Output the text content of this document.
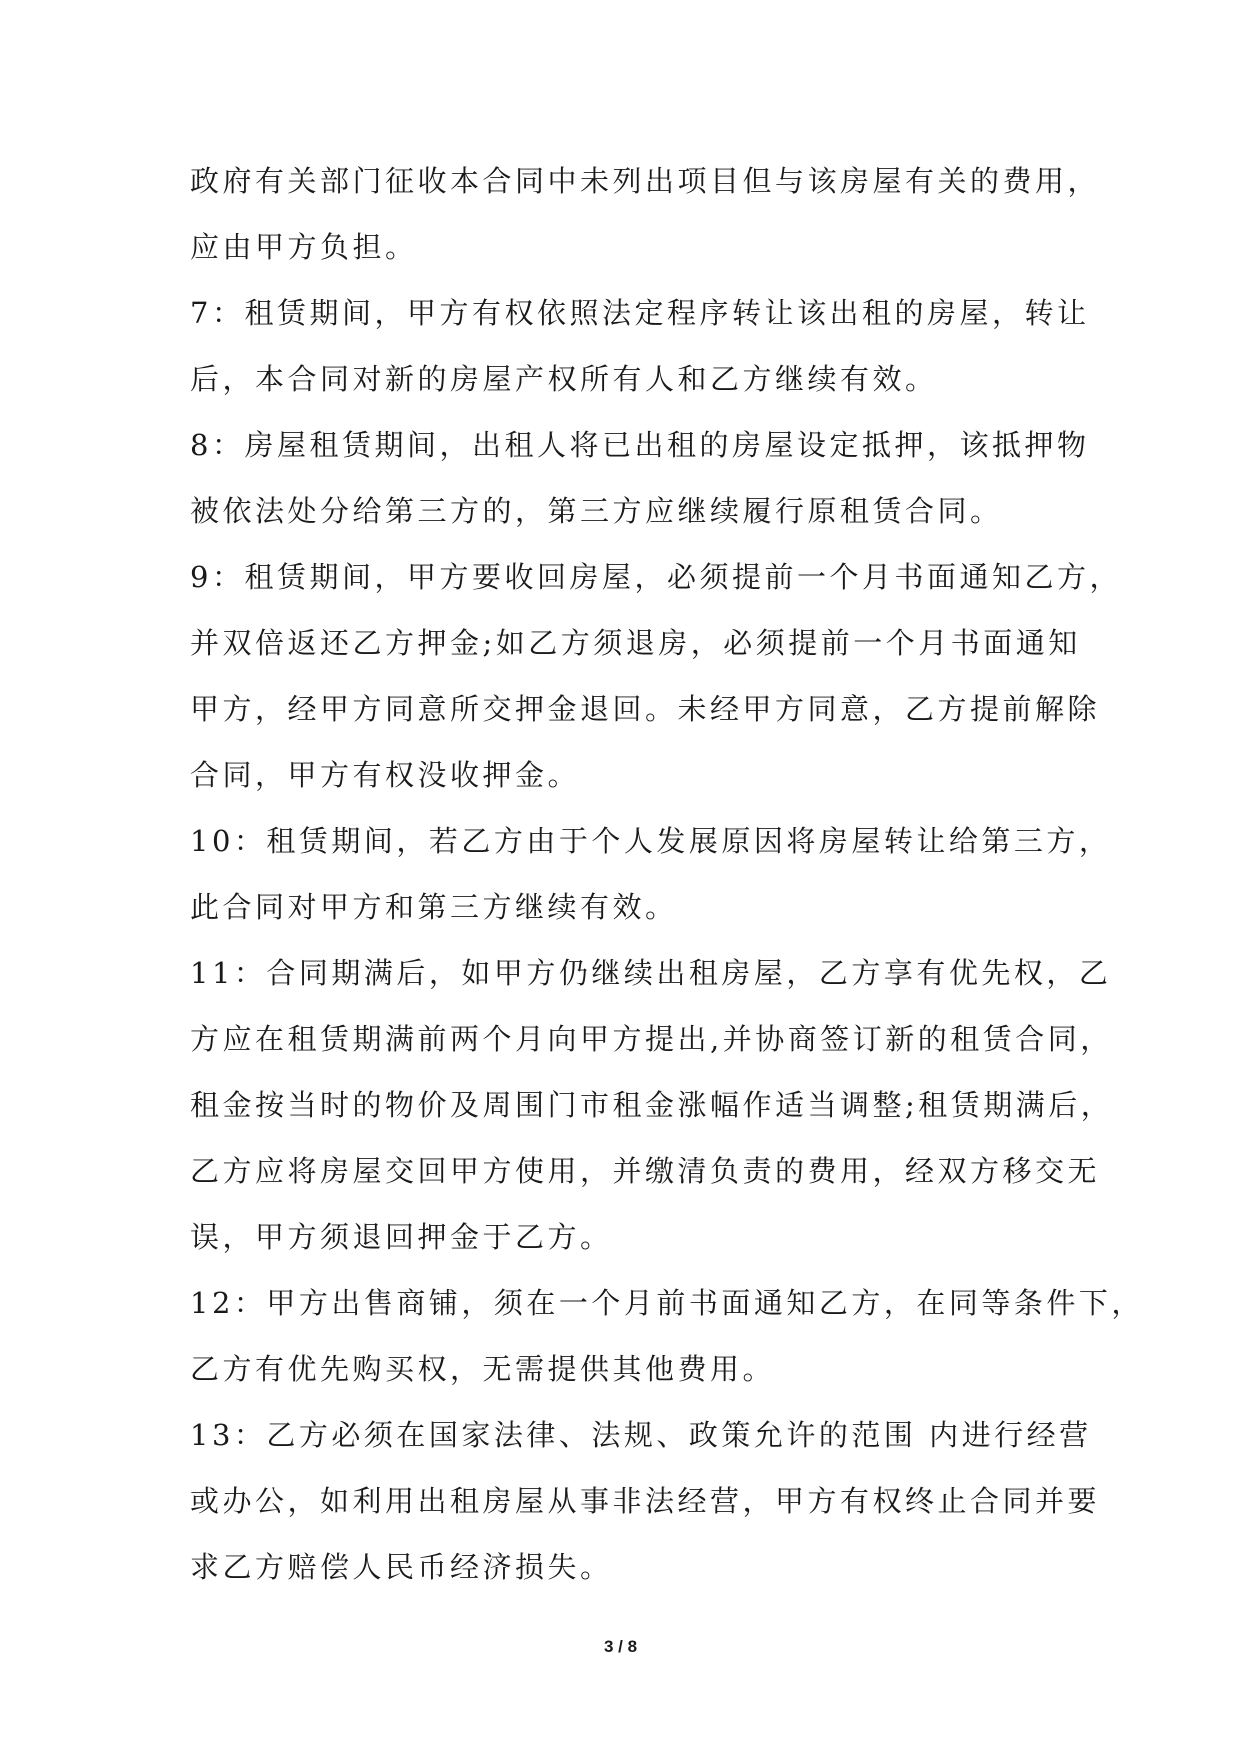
政府有关部门征收本合同中未列出项目但与该房屋有关的费用，
应由甲方负担。
7：租赁期间，甲方有权依照法定程序转让该出租的房屋，转让
后，本合同对新的房屋产权所有人和乙方继续有效。
8：房屋租赁期间，出租人将已出租的房屋设定抵押，该抵押物
被依法处分给第三方的，第三方应继续履行原租赁合同。
9：租赁期间，甲方要收回房屋，必须提前一个月书面通知乙方，
并双倍返还乙方押金;如乙方须退房，必须提前一个月书面通知
甲方，经甲方同意所交押金退回。未经甲方同意，乙方提前解除
合同，甲方有权没收押金。
10：租赁期间，若乙方由于个人发展原因将房屋转让给第三方，
此合同对甲方和第三方继续有效。
11：合同期满后，如甲方仍继续出租房屋，乙方享有优先权，乙
方应在租赁期满前两个月向甲方提出,并协商签订新的租赁合同，
租金按当时的物价及周围门市租金涨幅作适当调整;租赁期满后，
乙方应将房屋交回甲方使用，并缴清负责的费用，经双方移交无
误，甲方须退回押金于乙方。
12：甲方出售商铺，须在一个月前书面通知乙方，在同等条件下，
乙方有优先购买权，无需提供其他费用。
13：乙方必须在国家法律、法规、政策允许的范围 内进行经营
或办公，如利用出租房屋从事非法经营，甲方有权终止合同并要
求乙方赔偿人民币经济损失。
3 / 8
